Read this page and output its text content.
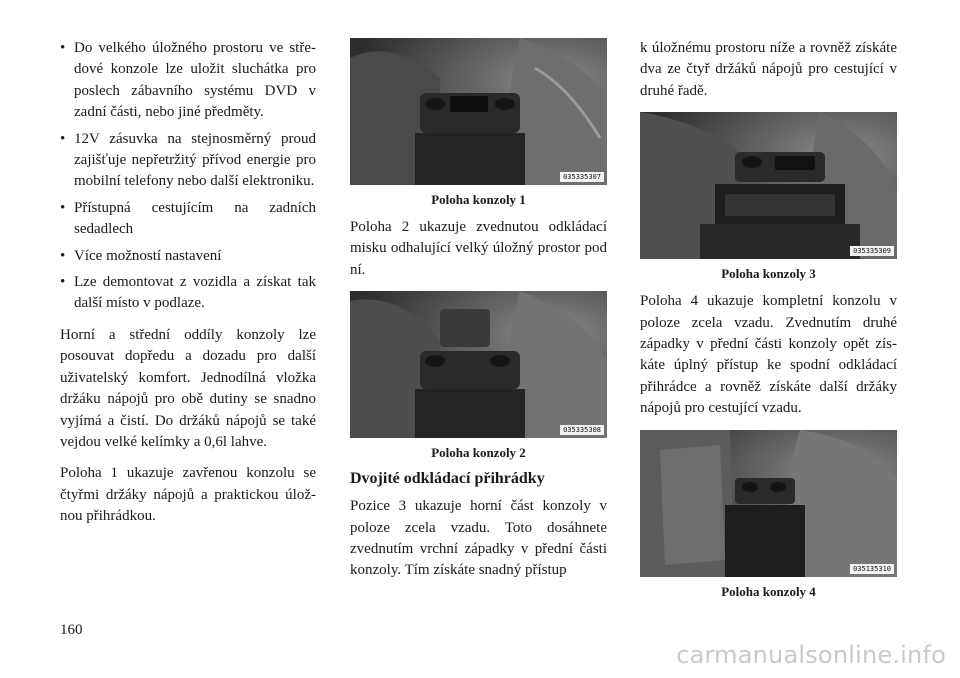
• Do velkého úložného prostoru ve středové konzole lze uložit sluchátka pro poslech zábavního systému DVD v zadní části, nebo jiné předměty.
• 12V zásuvka na stejnosměrný proud zajišťuje nepřetržitý přívod energie pro mobilní telefony nebo další elektroniku.
• Přístupná cestujícím na zadních sedadlech
• Více možností nastavení
• Lze demontovat z vozidla a získat tak další místo v podlaze.

Horní a střední oddíly konzoly lze posouvat dopředu a dozadu pro další uživatelský komfort. Jednodílná vložka držáku nápojů pro obě dutiny se snadno vyjímá a čistí. Do držáků nápojů se také vejdou velké kelímky a 0,6l lahve.

Poloha 1 ukazuje zavřenou konzolu se čtyřmi držáky nápojů a praktickou úložnou přihrádkou.

035335307
Poloha konzoly 1

Poloha 2 ukazuje zvednutou odkládací misku odhalující velký úložný prostor pod ní.

035335308
Poloha konzoly 2
Dvojité odkládací přihrádky

Pozice 3 ukazuje horní část konzoly v poloze zcela vzadu. Toto dosáhnete zvednutím vrchní západky v přední části konzoly. Tím získáte snadný přístup

k úložnému prostoru níže a rovněž získáte dva ze čtyř držáků nápojů pro cestující v druhé řadě.

035335309
Poloha konzoly 3

Poloha 4 ukazuje kompletní konzolu v poloze zcela vzadu. Zvednutím druhé západky v přední části konzoly opět získáte úplný přístup ke spodní odkládací přihrádce a rovněž získáte další držáky nápojů pro cestující vzadu.

035135310
Poloha konzoly 4
160
carmanualsonline.info
